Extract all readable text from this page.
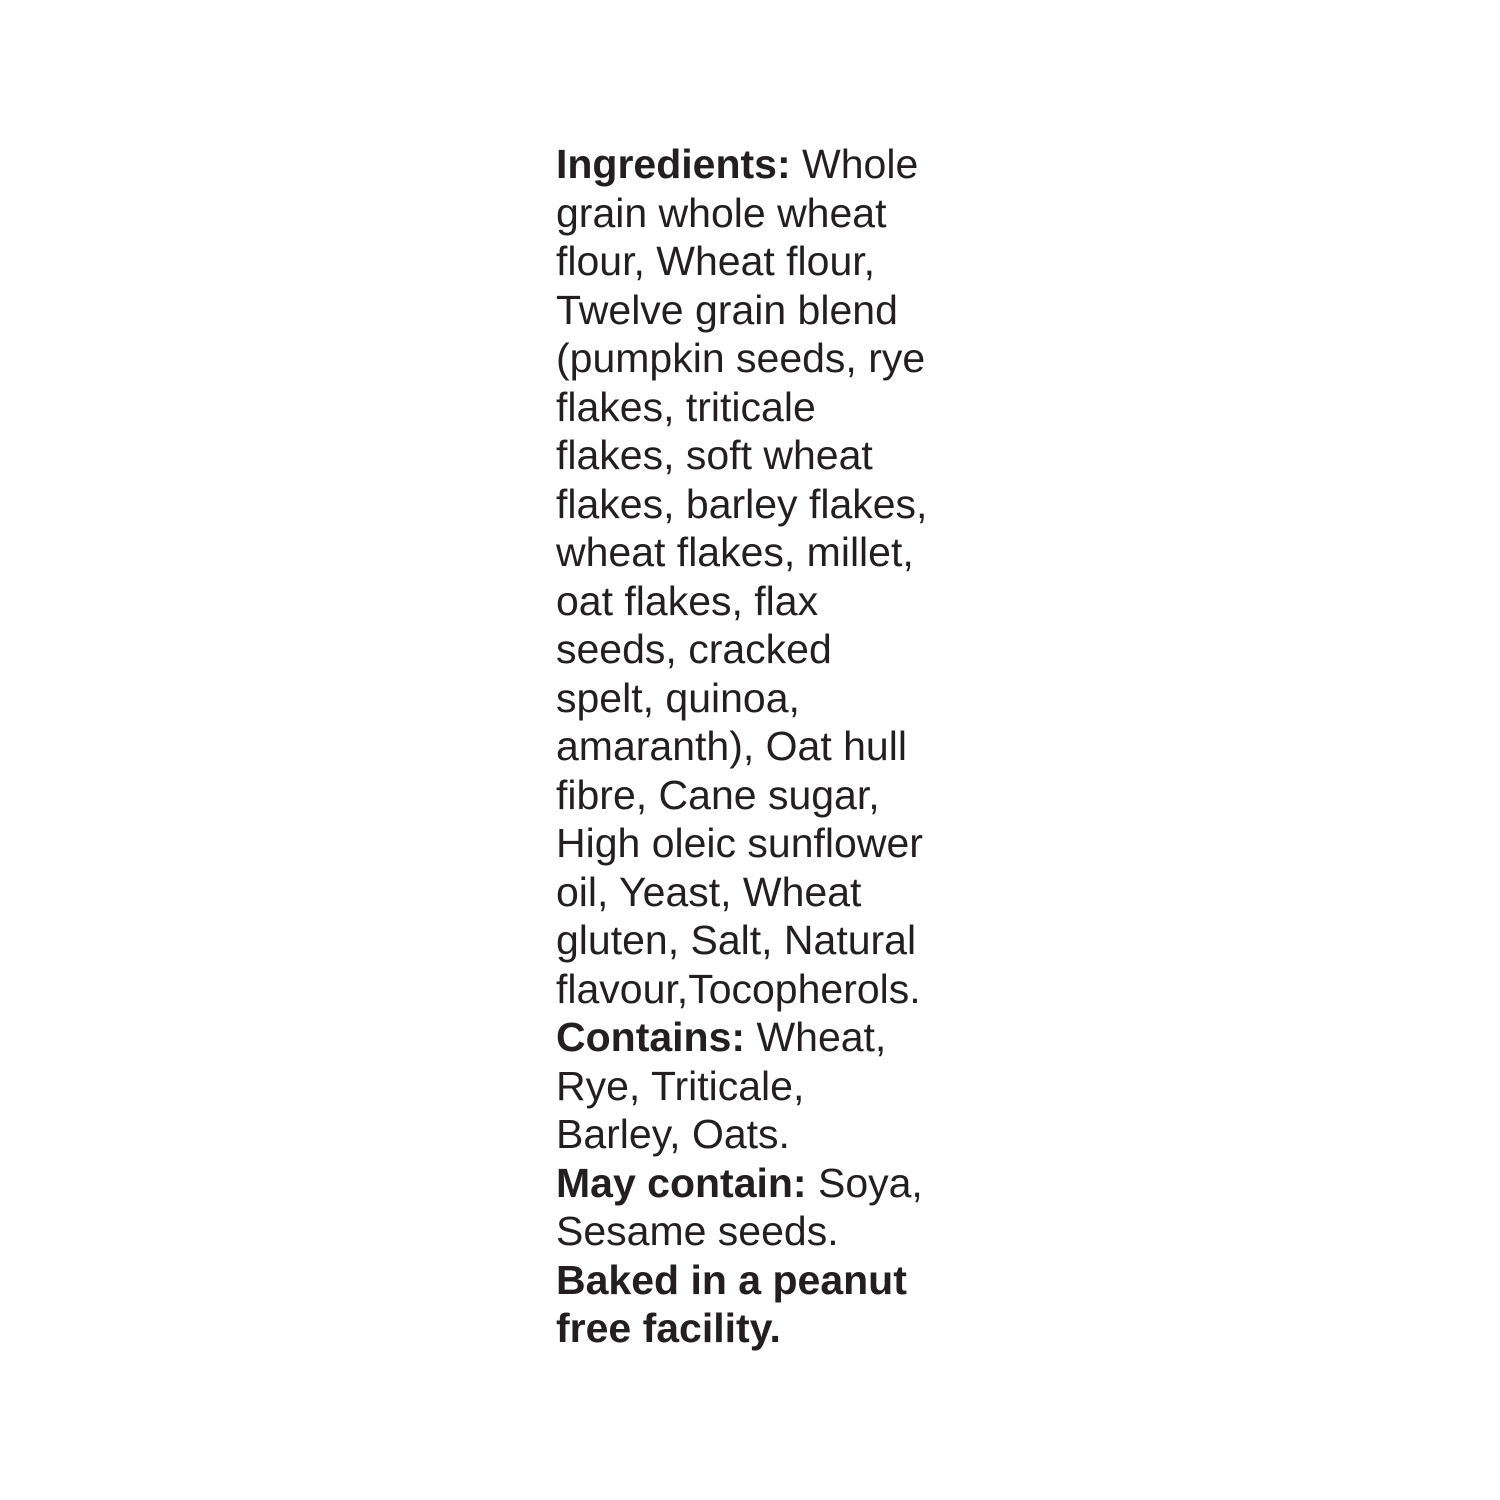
Ingredients: Whole
grain whole wheat
flour, Wheat flour,
Twelve grain blend
(pumpkin seeds, rye
flakes, triticale
flakes, soft wheat
flakes, barley flakes,
wheat flakes, millet,
oat flakes, flax
seeds, cracked
spelt, quinoa,
amaranth), Oat hull
fibre, Cane sugar,
High oleic sunflower
oil, Yeast, Wheat
gluten, Salt, Natural
flavour,Tocopherols.
Contains: Wheat,
Rye, Triticale,
Barley, Oats.
May contain: Soya,
Sesame seeds.
Baked in a peanut
free facility.
